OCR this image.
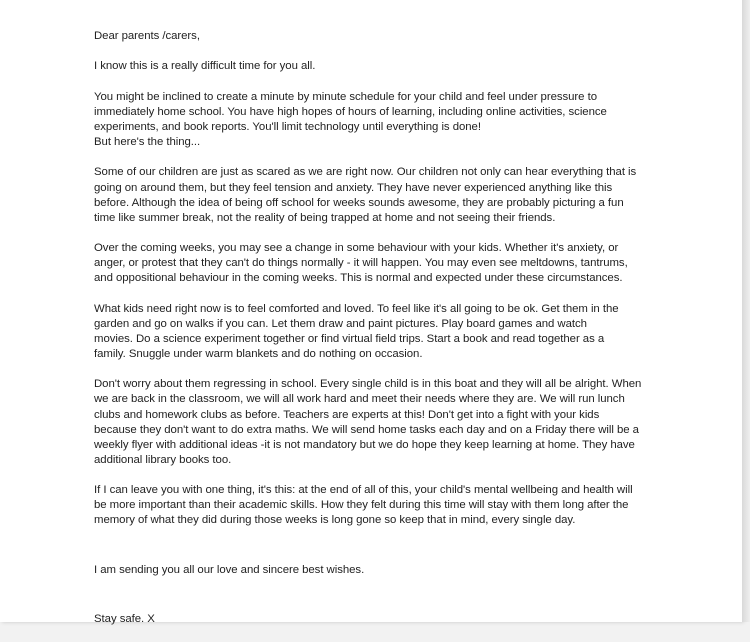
Dear parents /carers,

I know this is a really difficult time for you all.

You might be inclined to create a minute by minute schedule for your child and feel under pressure to
immediately home school. You have high hopes of hours of learning, including online activities, science
experiments, and book reports. You'll limit technology until everything is done!
But here's the thing...

Some of our children are just as scared as we are right now. Our children not only can hear everything that is
going on around them, but they feel tension and anxiety. They have never experienced anything like this
before. Although the idea of being off school for weeks sounds awesome, they are probably picturing a fun
time like summer break, not the reality of being trapped at home and not seeing their friends.

Over the coming weeks, you may see a change in some behaviour with your kids. Whether it's anxiety, or
anger, or protest that they can't do things normally - it will happen. You may even see meltdowns, tantrums,
and oppositional behaviour in the coming weeks. This is normal and expected under these circumstances.

What kids need right now is to feel comforted and loved. To feel like it's all going to be ok. Get them in the
garden and go on walks if you can. Let them draw and paint pictures. Play board games and watch
movies. Do a science experiment together or find virtual field trips. Start a book and read together as a
family. Snuggle under warm blankets and do nothing on occasion.

Don't worry about them regressing in school. Every single child is in this boat and they will all be alright. When
we are back in the classroom, we will all work hard and meet their needs where they are. We will run lunch
clubs and homework clubs as before. Teachers are experts at this! Don't get into a fight with your kids
because they don't want to do extra maths. We will send home tasks each day and on a Friday there will be a
weekly flyer with additional ideas -it is not mandatory but we do hope they keep learning at home. They have
additional library books too.

If I can leave you with one thing, it's this: at the end of all of this, your child's mental wellbeing and health will
be more important than their academic skills. How they felt during this time will stay with them long after the
memory of what they did during those weeks is long gone so keep that in mind, every single day.

I am sending you all our love and sincere best wishes.

Stay safe. X
